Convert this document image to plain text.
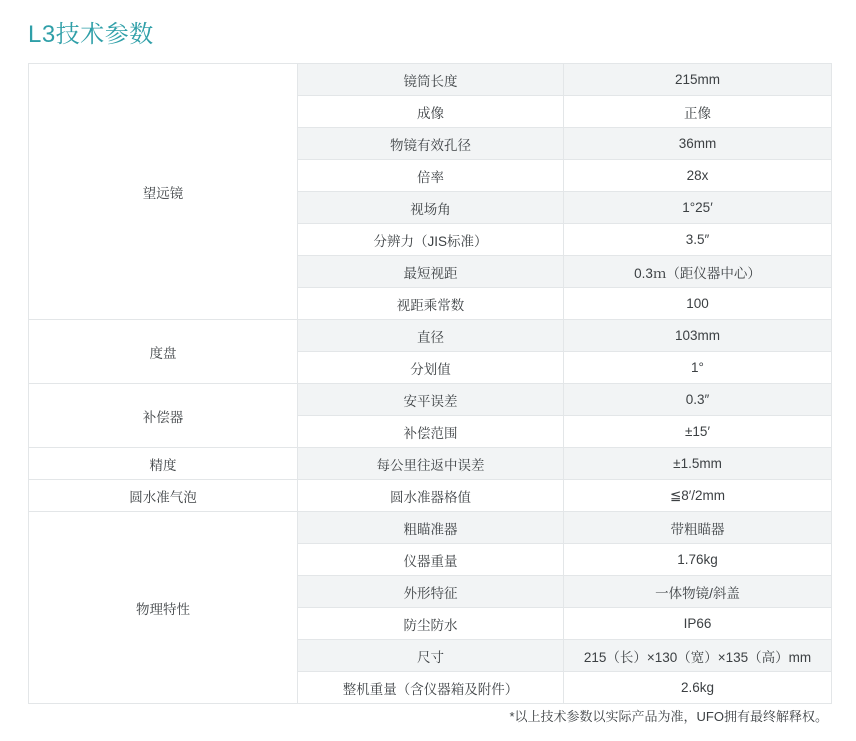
L3技术参数
望远镜	镜筒长度	215mm
	成像	正像
	物镜有效孔径	36mm
	倍率	28x
	视场角	1°25′
	分辨力（JIS标准）	3.5″
	最短视距	0.3ｍ（距仪器中心）
	视距乘常数	100
度盘	直径	103mm
	分划值	1°
补偿器	安平误差	0.3″
	补偿范围	±15′
精度	每公里往返中误差	±1.5mm
圆水准气泡	圆水准器格值	≦8′/2mm
物理特性	粗瞄准器	带粗瞄器
	仪器重量	1.76kg
	外形特征	一体物镜/斜盖
	防尘防水	IP66
	尺寸	215（长）×130（宽）×135（高）mm
	整机重量（含仪器箱及附件）	2.6kg
*以上技术参数以实际产品为准，UFO拥有最终解释权。
